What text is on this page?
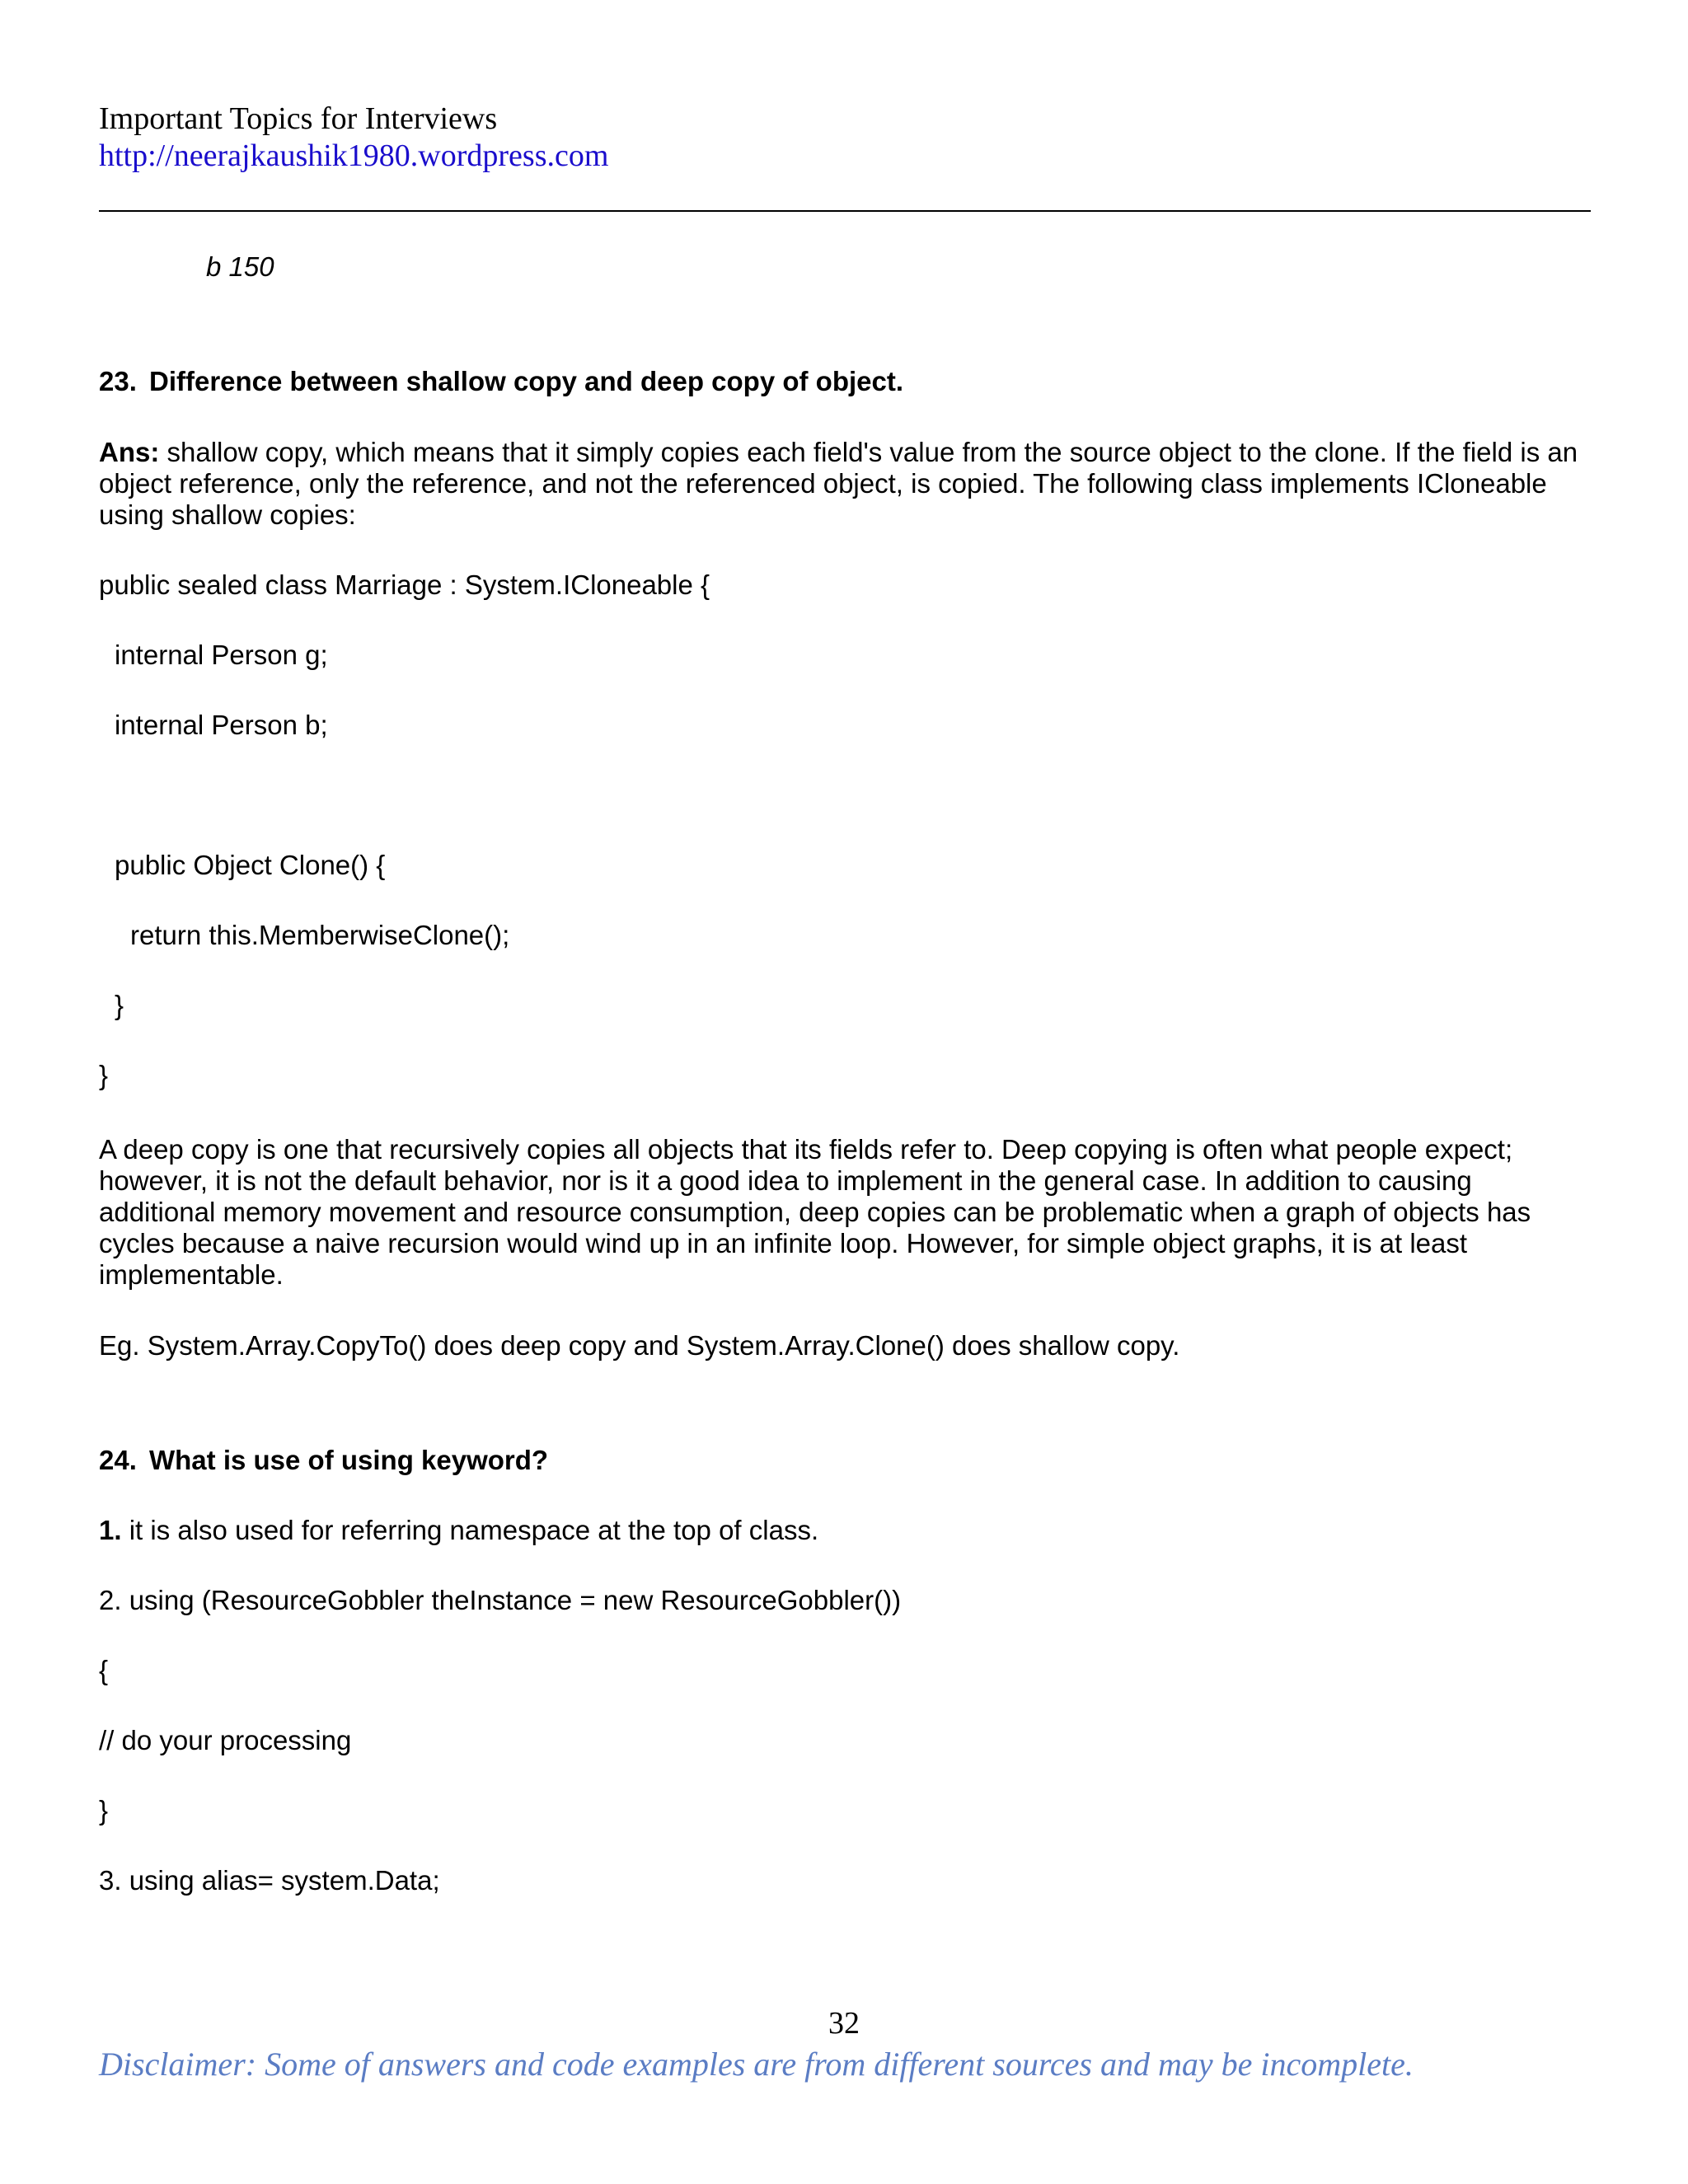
Important Topics for Interviews
http://neerajkaushik1980.wordpress.com
b 150
23. Difference between shallow copy and deep copy of object.
Ans: shallow copy, which means that it simply copies each field's value from the source object to the clone. If the field is an object reference, only the reference, and not the referenced object, is copied. The following class implements ICloneable using shallow copies:
public sealed class Marriage : System.ICloneable {
internal Person g;
internal Person b;
public Object Clone() {
return this.MemberwiseClone();
}
}
A deep copy is one that recursively copies all objects that its fields refer to. Deep copying is often what people expect; however, it is not the default behavior, nor is it a good idea to implement in the general case. In addition to causing additional memory movement and resource consumption, deep copies can be problematic when a graph of objects has cycles because a naive recursion would wind up in an infinite loop. However, for simple object graphs, it is at least implementable.
Eg. System.Array.CopyTo() does deep copy and System.Array.Clone() does shallow copy.
24. What is use of using keyword?
1. it is also used for referring namespace at the top of class.
2. using (ResourceGobbler theInstance = new ResourceGobbler())
{
// do your processing
}
3. using alias= system.Data;
32
Disclaimer: Some of answers and code examples are from different sources and may be incomplete.
